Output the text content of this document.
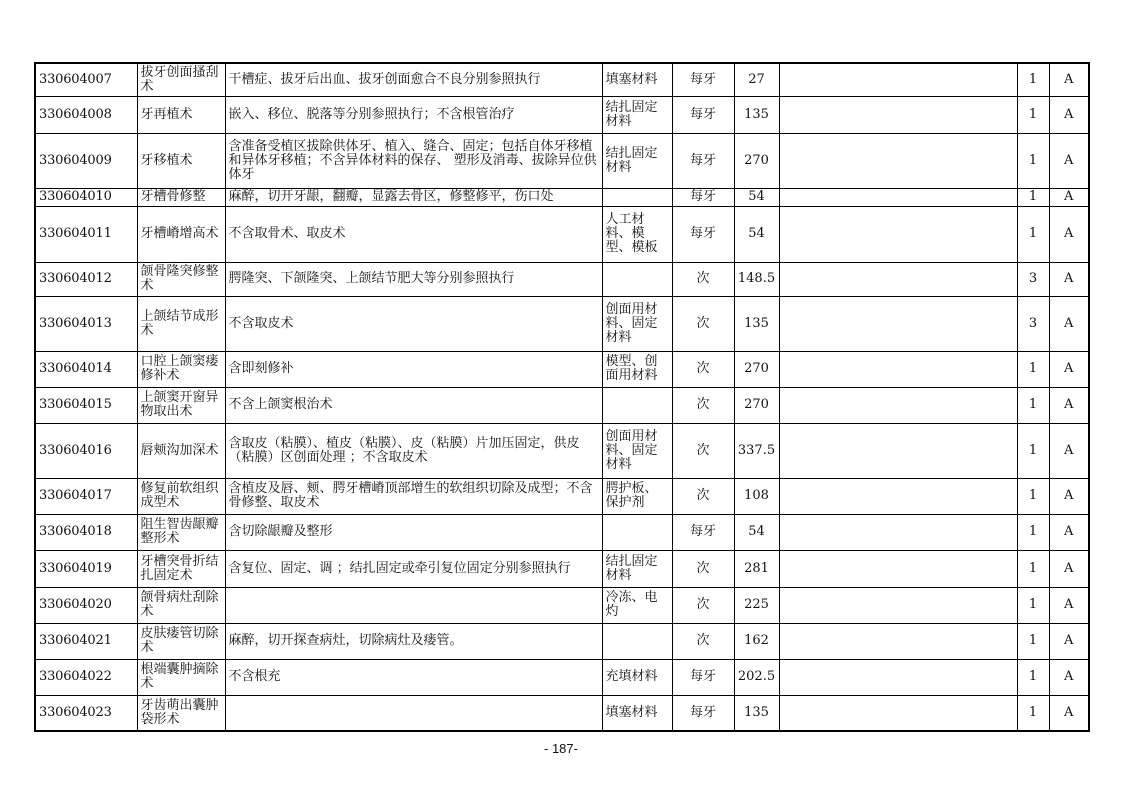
330604007	拔牙创面搔刮术	干槽症、拔牙后出血、拔牙创面愈合不良分别参照执行	填塞材料	每牙	27		1	A
330604008	牙再植术	嵌入、移位、脱落等分别参照执行；不含根管治疗	结扎固定材料	每牙	135		1	A
330604009	牙移植术	含准备受植区拔除供体牙、植入、缝合、固定；包括自体牙移植和异体牙移植；不含异体材料的保存、 塑形及消毒、拔除异位供体牙	结扎固定材料	每牙	270		1	A
330604010	牙槽骨修整	麻醉，切开牙龈，翻瓣，显露去骨区，修整修平，伤口处		每牙	54		1	A
330604011	牙槽嵴增高术	不含取骨术、取皮术	人工材料、模型、模板	每牙	54		1	A
330604012	颌骨隆突修整术	腭隆突、下颌隆突、上颌结节肥大等分别参照执行		次	148.5		3	A
330604013	上颌结节成形术	不含取皮术	创面用材料、固定材料	次	135		3	A
330604014	口腔上颌窦瘘修补术	含即刻修补	模型、创面用材料	次	270		1	A
330604015	上颌窦开窗异物取出术	不含上颌窦根治术		次	270		1	A
330604016	唇颊沟加深术	含取皮（粘膜）、植皮（粘膜）、皮（粘膜）片加压固定，供皮（粘膜）区创面处理 ；不含取皮术	创面用材料、固定材料	次	337.5		1	A
330604017	修复前软组织成型术	含植皮及唇、颊、腭牙槽嵴顶部增生的软组织切除及成型；不含骨修整、取皮术	腭护板、保护剂	次	108		1	A
330604018	阻生智齿龈瓣整形术	含切除龈瓣及整形		每牙	54		1	A
330604019	牙槽突骨折结扎固定术	含复位、固定、调 ；结扎固定或牵引复位固定分别参照执行	结扎固定材料	次	281		1	A
330604020	颌骨病灶刮除术		冷冻、电灼	次	225		1	A
330604021	皮肤瘘管切除术	麻醉，切开探查病灶，切除病灶及瘘管。		次	162		1	A
330604022	根端囊肿摘除术	不含根充	充填材料	每牙	202.5		1	A
330604023	牙齿萌出囊肿袋形术		填塞材料	每牙	135		1	A
- 187-
